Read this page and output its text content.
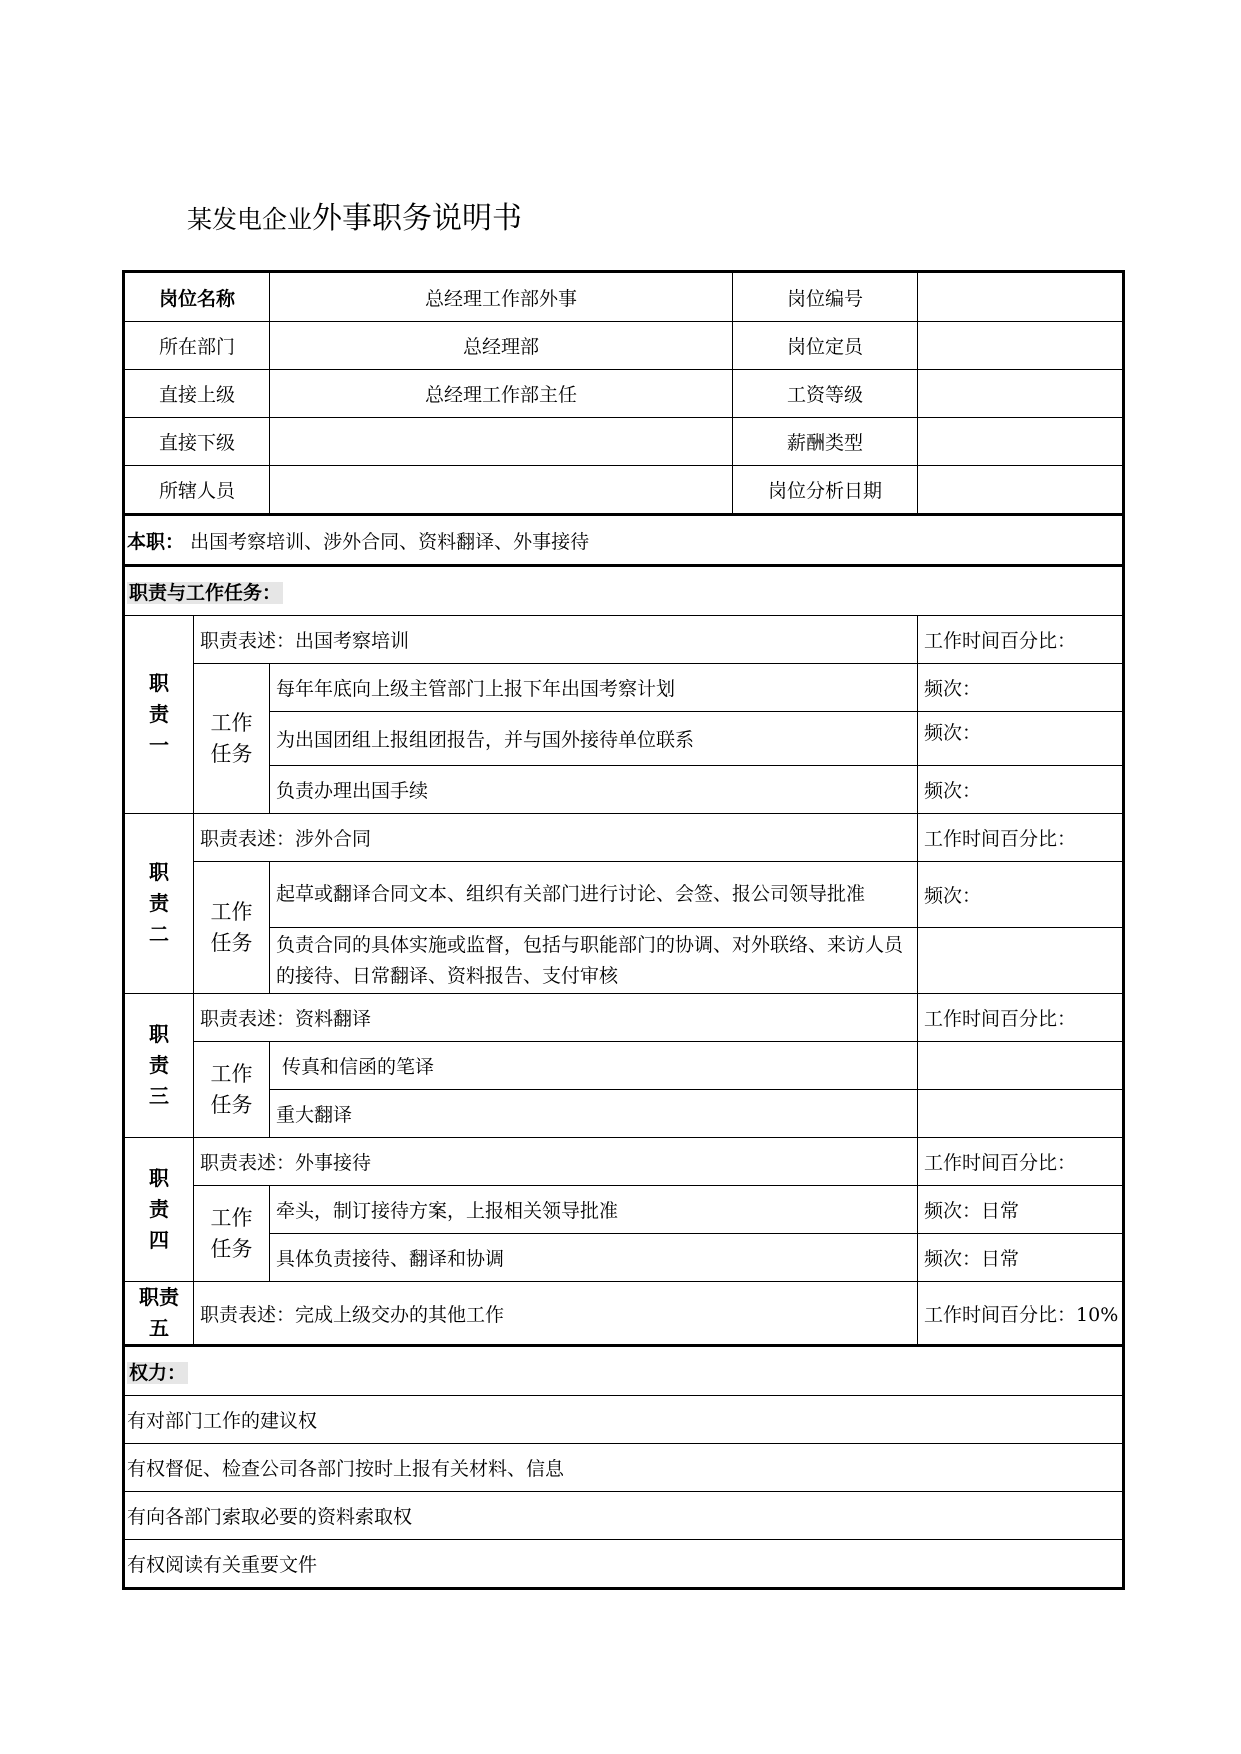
某发电企业外事职务说明书
岗位名称		总经理工作部外事	岗位编号	
所在部门		总经理部	岗位定员	
直接上级		总经理工作部主任	工资等级	
直接下级			薪酬类型	
所辖人员			岗位分析日期	
本职： 出国考察培训、涉外合同、资料翻译、外事接待				
职责与工作任务：				
职责一	职责表述：出国考察培训			工作时间百分比：
	工作任务	每年年底向上级主管部门上报下年出国考察计划		频次：
		为出国团组上报组团报告，并与国外接待单位联系		频次：
		负责办理出国手续		频次：
职责二	职责表述：涉外合同			工作时间百分比：
	工作任务	起草或翻译合同文本、组织有关部门进行讨论、会签、报公司领导批准		频次：
		负责合同的具体实施或监督，包括与职能部门的协调、对外联络、来访人员的接待、日常翻译、资料报告、支付审核		
职责三	职责表述：资料翻译			工作时间百分比：
	工作任务	传真和信函的笔译		
		重大翻译		
职责四	职责表述：外事接待			工作时间百分比：
	工作任务	牵头，制订接待方案，上报相关领导批准		频次：日常
		具体负责接待、翻译和协调		频次：日常
职责五	职责表述：完成上级交办的其他工作			工作时间百分比：10%
权力：				
有对部门工作的建议权				
有权督促、检查公司各部门按时上报有关材料、信息				
有向各部门索取必要的资料索取权				
有权阅读有关重要文件				
